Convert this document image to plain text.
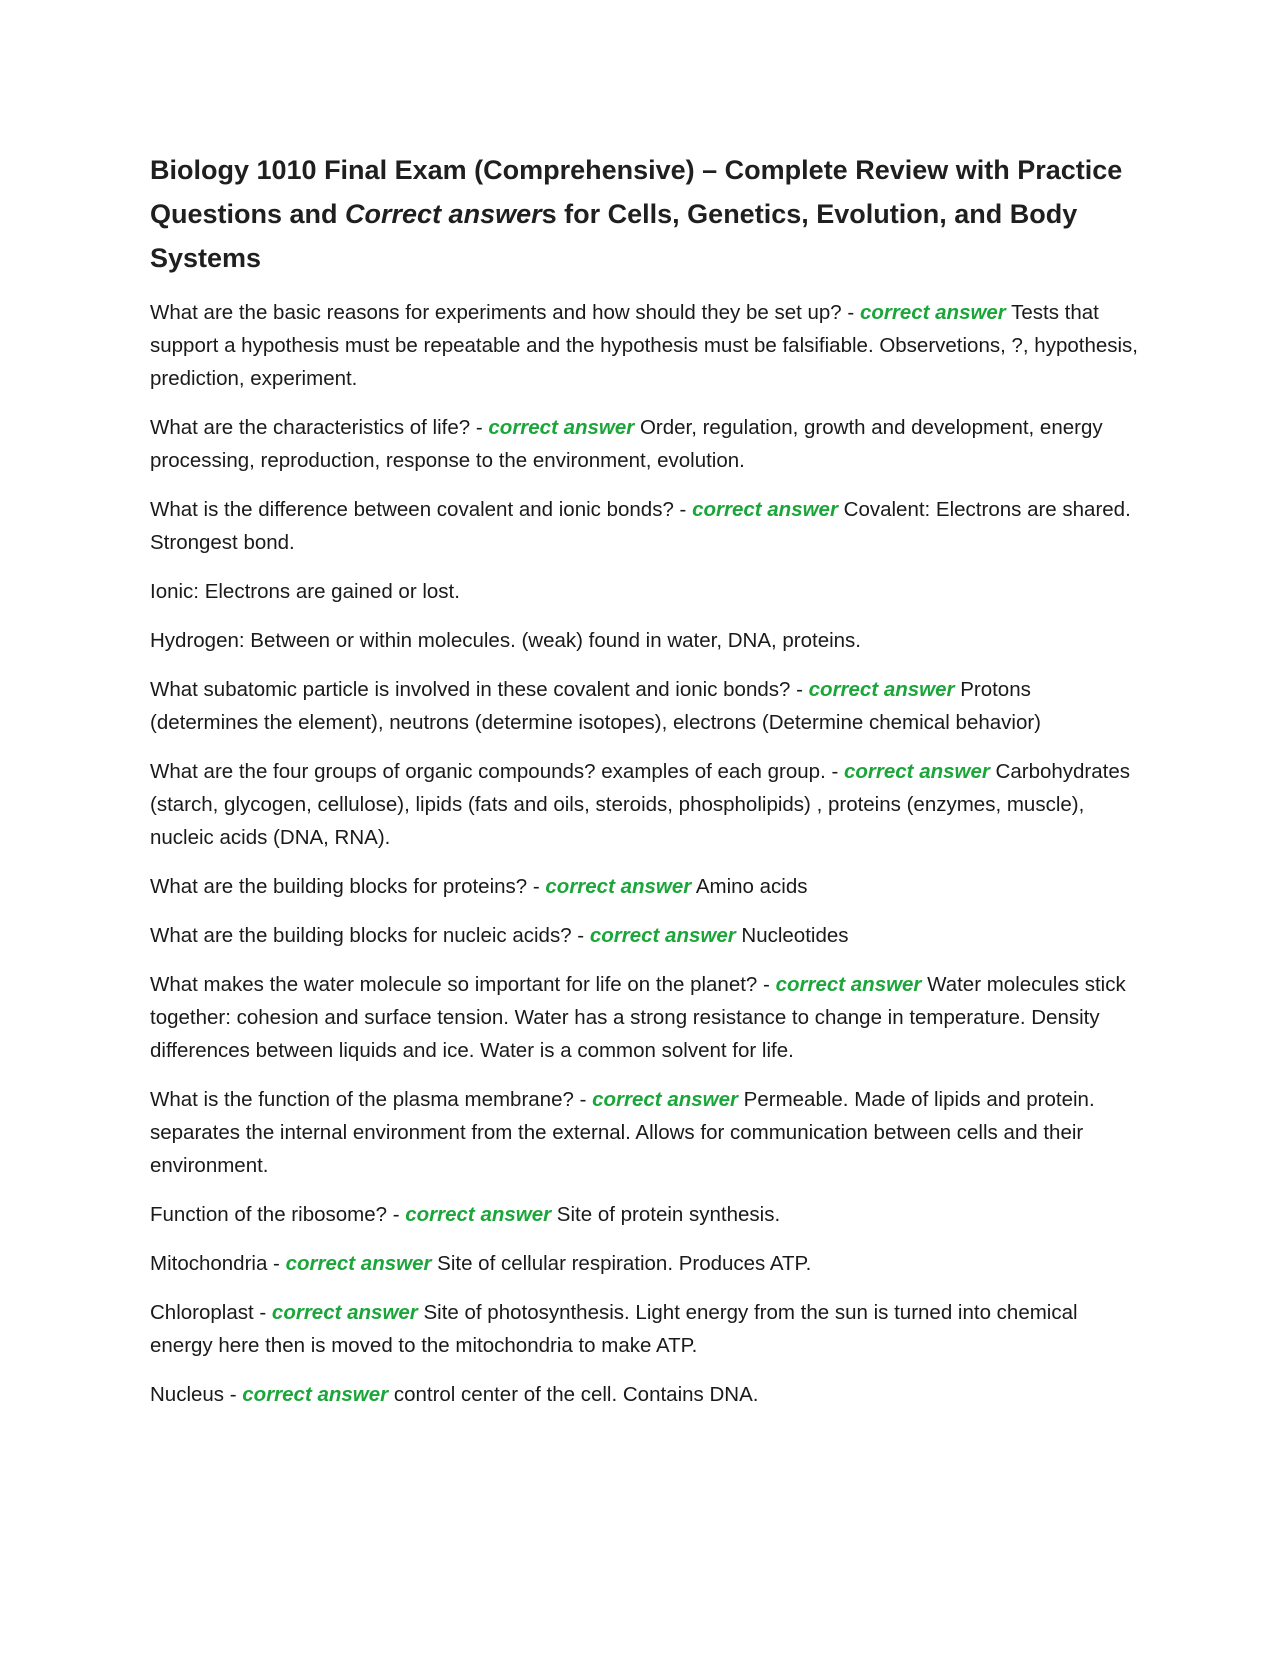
Biology 1010 Final Exam (Comprehensive) – Complete Review with Practice Questions and Correct answers for Cells, Genetics, Evolution, and Body Systems

What are the basic reasons for experiments and how should they be set up? - correct answer Tests that support a hypothesis must be repeatable and the hypothesis must be falsifiable. Observetions, ?, hypothesis, prediction, experiment.

What are the characteristics of life? - correct answer Order, regulation, growth and development, energy processing, reproduction, response to the environment, evolution.

What is the difference between covalent and ionic bonds? - correct answer Covalent: Electrons are shared. Strongest bond.

Ionic: Electrons are gained or lost.

Hydrogen: Between or within molecules. (weak) found in water, DNA, proteins.

What subatomic particle is involved in these covalent and ionic bonds? - correct answer Protons (determines the element), neutrons (determine isotopes), electrons (Determine chemical behavior)

What are the four groups of organic compounds? examples of each group. - correct answer Carbohydrates (starch, glycogen, cellulose), lipids (fats and oils, steroids, phospholipids) , proteins (enzymes, muscle), nucleic acids (DNA, RNA).

What are the building blocks for proteins? - correct answer Amino acids

What are the building blocks for nucleic acids? - correct answer Nucleotides

What makes the water molecule so important for life on the planet? - correct answer Water molecules stick together: cohesion and surface tension. Water has a strong resistance to change in temperature. Density differences between liquids and ice. Water is a common solvent for life.

What is the function of the plasma membrane? - correct answer Permeable. Made of lipids and protein. separates the internal environment from the external. Allows for communication between cells and their environment.

Function of the ribosome? - correct answer Site of protein synthesis.

Mitochondria - correct answer Site of cellular respiration. Produces ATP.

Chloroplast - correct answer Site of photosynthesis. Light energy from the sun is turned into chemical energy here then is moved to the mitochondria to make ATP.

Nucleus - correct answer control center of the cell. Contains DNA.
